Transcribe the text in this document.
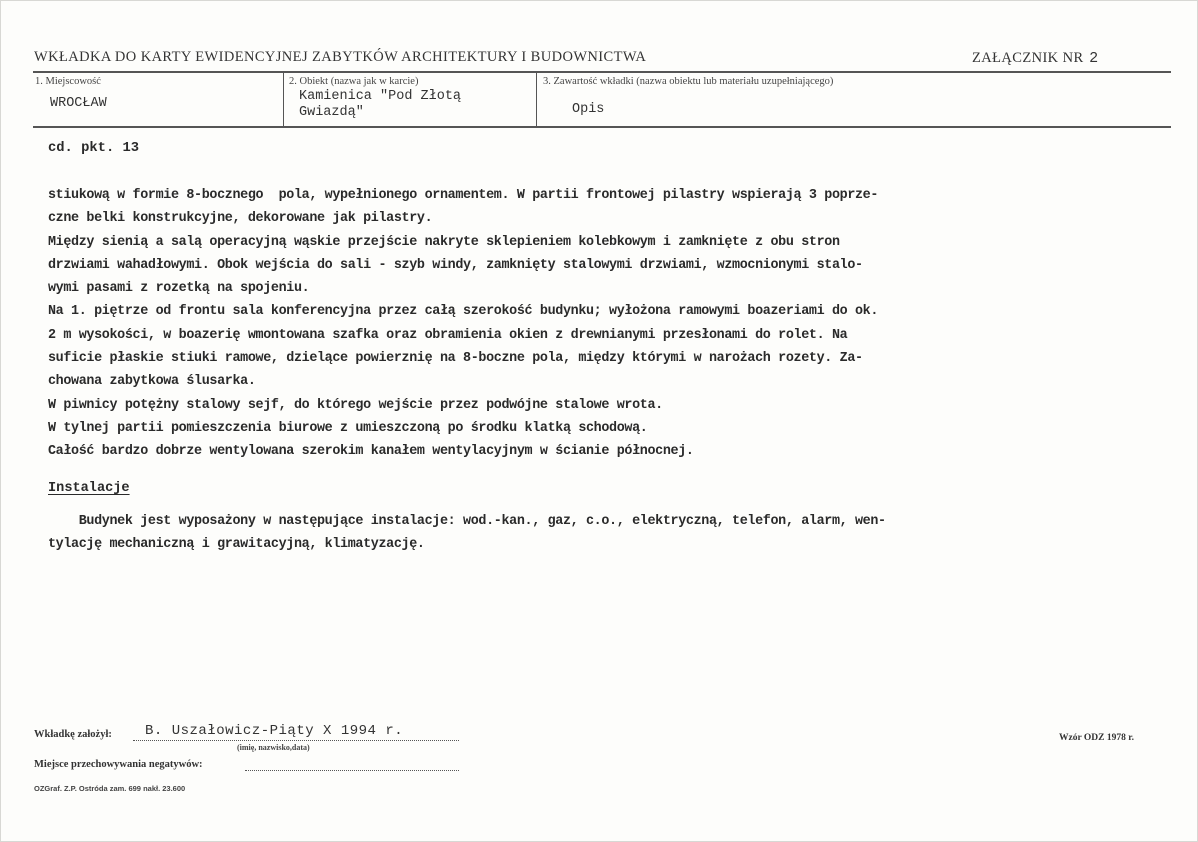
WKŁADKA DO KARTY EWIDENCYJNEJ ZABYTKÓW ARCHITEKTURY I BUDOWNICTWA	ZAŁĄCZNIK NR 2
1. Miejscowość
WROCŁAW
2. Obiekt (nazwa jak w karcie)
Kamienica "Pod Złotą
Gwiazdą"
3. Zawartość wkładki (nazwa obiektu lub materiału uzupełniającego)
Opis
cd. pkt. 13
stiukową w formie 8-bocznego  pola, wypełnionego ornamentem. W partii frontowej pilastry wspierają 3 poprze-
czne belki konstrukcyjne, dekorowane jak pilastry.
Między sienią a salą operacyjną wąskie przejście nakryte sklepieniem kolebkowym i zamknięte z obu stron
drzwiami wahadłowymi. Obok wejścia do sali - szyb windy, zamknięty stalowymi drzwiami, wzmocnionymi stalo-
wymi pasami z rozetką na spojeniu.
Na 1. piętrze od frontu sala konferencyjna przez całą szerokość budynku; wyłożona ramowymi boazeriami do ok.
2 m wysokości, w boazerię wmontowana szafka oraz obramienia okien z drewnianymi przesłonami do rolet. Na
suficie płaskie stiuki ramowe, dzielące powierznię na 8-boczne pola, między którymi w narożach rozety. Za-
chowana zabytkowa ślusarka.
W piwnicy potężny stalowy sejf, do którego wejście przez podwójne stalowe wrota.
W tylnej partii pomieszczenia biurowe z umieszczoną po środku klatką schodową.
Całość bardzo dobrze wentylowana szerokim kanałem wentylacyjnym w ścianie północnej.
Instalacje
Budynek jest wyposażony w następujące instalacje: wod.-kan., gaz, c.o., elektryczną, telefon, alarm, wen-
tylację mechaniczną i grawitacyjną, klimatyzację.
Wkładkę założył: B. Uszałowicz-Piąty X 1994 r.
(imię, nazwisko,data)
Miejsce przechowywania negatywów:
OZGraf. Z.P. Ostróda zam. 699 nakł. 23.600
Wzór ODZ 1978 r.
